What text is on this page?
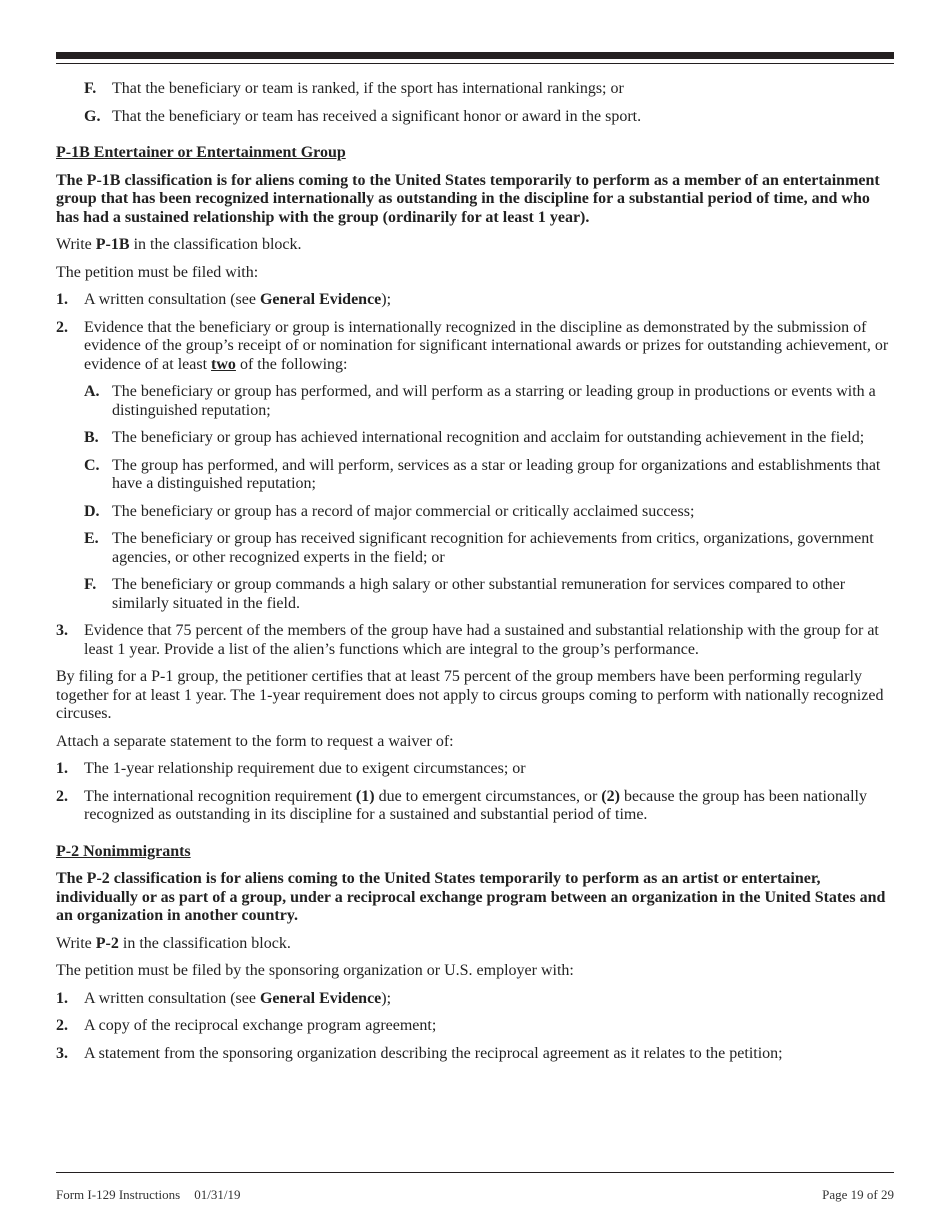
F. That the beneficiary or team is ranked, if the sport has international rankings; or
G. That the beneficiary or team has received a significant honor or award in the sport.
P-1B Entertainer or Entertainment Group
The P-1B classification is for aliens coming to the United States temporarily to perform as a member of an entertainment group that has been recognized internationally as outstanding in the discipline for a substantial period of time, and who has had a sustained relationship with the group (ordinarily for at least 1 year).
Write P-1B in the classification block.
The petition must be filed with:
1.	A written consultation (see General Evidence);
2.	Evidence that the beneficiary or group is internationally recognized in the discipline as demonstrated by the submission of evidence of the group’s receipt of or nomination for significant international awards or prizes for outstanding achievement, or evidence of at least two of the following:
A. The beneficiary or group has performed, and will perform as a starring or leading group in productions or events with a distinguished reputation;
B. The beneficiary or group has achieved international recognition and acclaim for outstanding achievement in the field;
C. The group has performed, and will perform, services as a star or leading group for organizations and establishments that have a distinguished reputation;
D. The beneficiary or group has a record of major commercial or critically acclaimed success;
E. The beneficiary or group has received significant recognition for achievements from critics, organizations, government agencies, or other recognized experts in the field; or
F. The beneficiary or group commands a high salary or other substantial remuneration for services compared to other similarly situated in the field.
3.	Evidence that 75 percent of the members of the group have had a sustained and substantial relationship with the group for at least 1 year. Provide a list of the alien’s functions which are integral to the group’s performance.
By filing for a P-1 group, the petitioner certifies that at least 75 percent of the group members have been performing regularly together for at least 1 year. The 1-year requirement does not apply to circus groups coming to perform with nationally recognized circuses.
Attach a separate statement to the form to request a waiver of:
1.	The 1-year relationship requirement due to exigent circumstances; or
2.	The international recognition requirement (1) due to emergent circumstances, or (2) because the group has been nationally recognized as outstanding in its discipline for a sustained and substantial period of time.
P-2 Nonimmigrants
The P-2 classification is for aliens coming to the United States temporarily to perform as an artist or entertainer, individually or as part of a group, under a reciprocal exchange program between an organization in the United States and an organization in another country.
Write P-2 in the classification block.
The petition must be filed by the sponsoring organization or U.S. employer with:
1.	A written consultation (see General Evidence);
2.	A copy of the reciprocal exchange program agreement;
3.	A statement from the sponsoring organization describing the reciprocal agreement as it relates to the petition;
Form I-129 Instructions 01/31/19	Page 19 of 29
